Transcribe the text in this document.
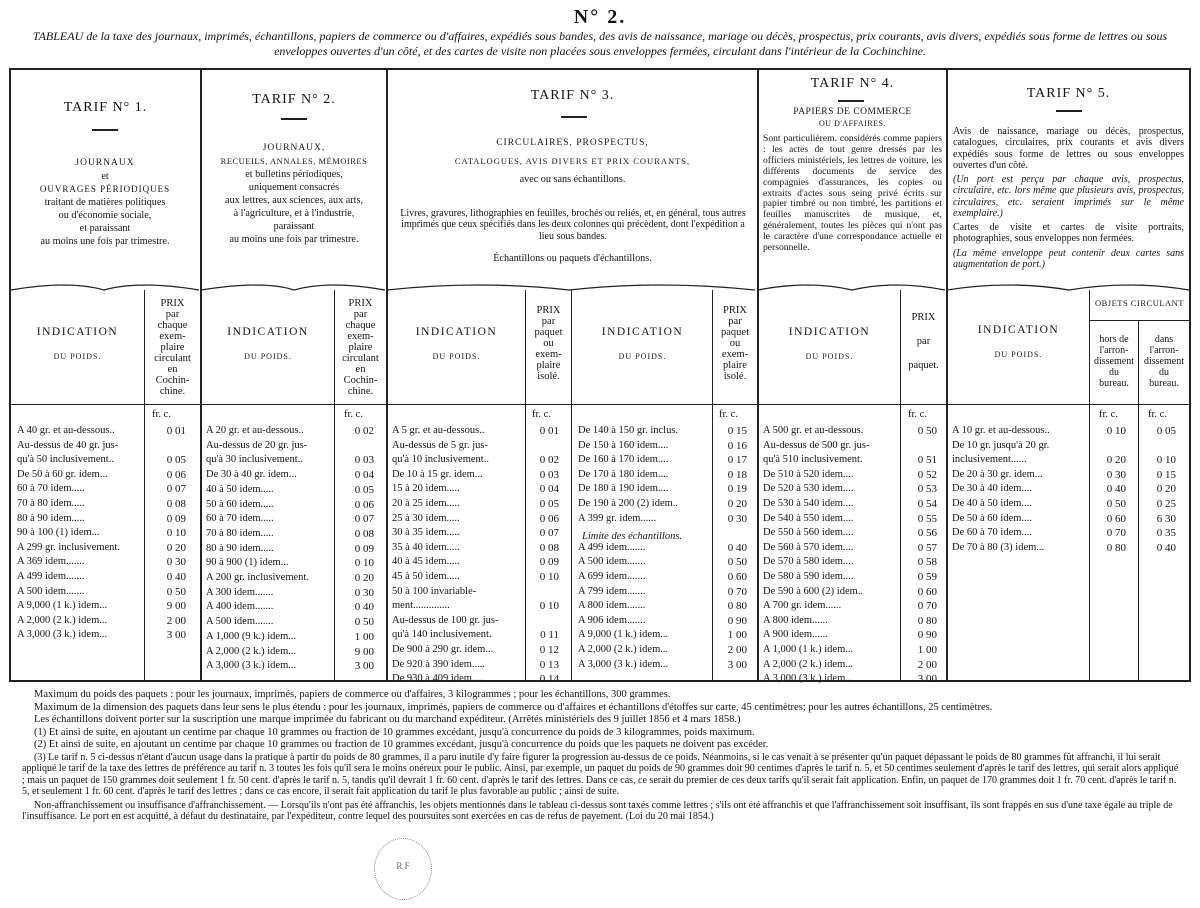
N° 2.
TABLEAU de la taxe des journaux, imprimés, échantillons, papiers de commerce ou d'affaires, expédiés sous bandes, des avis de naissance, mariage ou décès, prospectus, prix courants, avis divers, expédiés sous forme de lettres ou sous enveloppes ouvertes d'un côté, et des cartes de visite non placées sous enveloppes fermées, circulant dans l'intérieur de la Cochinchine.
TARIF N° 1.
JOURNAUX
et
OUVRAGES PÉRIODIQUES
traitant de matières politiques
ou d'économie sociale,
et paraissant
au moins une fois par trimestre.
TARIF N° 2.
JOURNAUX,
RECUEILS, ANNALES, MÉMOIRES
et bulletins périodiques,
uniquement consacrés
aux lettres, aux sciences, aux arts,
à l'agriculture, et à l'industrie,
paraissant
au moins une fois par trimestre.
TARIF N° 3.
CIRCULAIRES, PROSPECTUS,
CATALOGUES, AVIS DIVERS ET PRIX COURANTS,
avec ou sans échantillons.
Livres, gravures, lithographies en feuilles, brochés ou reliés, et, en général, tous autres imprimés que ceux spécifiés dans les deux colonnes qui précèdent, dont l'expédition a lieu sous bandes.
Échantillons ou paquets d'échantillons.
TARIF N° 4.
PAPIERS DE COMMERCE
OU D'AFFAIRES.
Sont particulièrem. considérés comme papiers : les actes de tout genre dressés par les officiers ministériels, les lettres de voiture, les différents documents de service des compagnies d'assurances, les copies ou extraits d'actes sous seing privé écrits sur papier timbré ou non timbré, les partitions et feuilles manuscrites de musique, et, généralement, toutes les pièces qui n'ont pas le caractère d'une correspondance actuelle et personnelle.
TARIF N° 5.
Avis de naissance, mariage ou décès, prospectus, catalogues, circulaires, prix courants et avis divers expédiés sous forme de lettres ou sous enveloppes ouvertes d'un côté.
(Un port est perçu par chaque avis, prospectus, circulaire, etc. lors même que plusieurs avis, prospectus, circulaires, etc. seraient imprimés sur le même exemplaire.)
Cartes de visite et cartes de visite portraits, photographies, sous enveloppes non fermées.
(La même enveloppe peut contenir deux cartes sans augmentation de port.)
INDICATION
DU POIDS.
PRIX
par
chaque
exem-
plaire
circulant
en
Cochin-
chine.
INDICATION
DU POIDS.
PRIX
par
chaque
exem-
plaire
circulant
en
Cochin-
chine.
INDICATION
DU POIDS.
PRIX
par
paquet
ou
exem-
plaire
isolé.
INDICATION
DU POIDS.
PRIX
par
paquet
ou
exem-
plaire
isolé.
INDICATION
DU POIDS.
PRIX

par

paquet.
INDICATION
DU POIDS.
OBJETS CIRCULANT
hors de
l'arron-
dissement
du
bureau.
dans
l'arron-
dissement
du
bureau.
fr. c.	fr. c.	fr. c.	fr. c.	fr. c.	fr. c.	fr. c.
Limite des échantillons.
A 40 gr. et au-dessous..	0 01
Au-dessus de 40 gr. jus-
qu'à 50 inclusivement..	0 05
De 50 à 60 gr. idem...	0 06
60 à 70 idem.....	0 07
70 à 80 idem.....	0 08
80 à 90 idem.....	0 09
90 à 100 (1) idem...	0 10
A 299 gr. inclusivement.	0 20
A 369 idem.......	0 30
A 499 idem.......	0 40
A 500 idem.......	0 50
A 9,000 (1 k.) idem...	9 00
A 2,000 (2 k.) idem...	2 00
A 3,000 (3 k.) idem...	3 00
A 20 gr. et au-dessous..	0 02
Au-dessus de 20 gr. jus-
qu'à 30 inclusivement..	0 03
De 30 à 40 gr. idem...	0 04
40 à 50 idem.....	0 05
50 à 60 idem.....	0 06
60 à 70 idem.....	0 07
70 à 80 idem.....	0 08
80 à 90 idem.....	0 09
90 à 900 (1) idem...	0 10
A 200 gr. inclusivement.	0 20
A 300 idem.......	0 30
A 400 idem.......	0 40
A 500 idem.......	0 50
A 1,000 (9 k.) idem...	1 00
A 2,000 (2 k.) idem...	9 00
A 3,000 (3 k.) idem...	3 00
A 5 gr. et au-dessous..	0 01
Au-dessus de 5 gr. jus-
qu'à 10 inclusivement..	0 02
De 10 à 15 gr. idem...	0 03
15 à 20 idem.....	0 04
20 à 25 idem.....	0 05
25 à 30 idem.....	0 06
30 à 35 idem.....	0 07
35 à 40 idem.....	0 08
40 à 45 idem.....	0 09
45 à 50 idem.....	0 10
50 à 100 invariable-
ment..............	0 10
Au-dessus de 100 gr. jus-
qu'à 140 inclusivement.	0 11
De 900 à 290 gr. idem...	0 12
De 920 à 390 idem.....	0 13
De 930 à 409 idem.....	0 14
De 140 à 150 gr. inclus.	0 15
De 150 à 160 idem....	0 16
De 160 à 170 idem....	0 17
De 170 à 180 idem....	0 18
De 180 à 190 idem....	0 19
De 190 à 200 (2) idem..	0 20
A 399 gr. idem......	0 30
A 499 idem.......	0 40
A 500 idem.......	0 50
A 699 idem.......	0 60
A 799 idem.......	0 70
A 800 idem.......	0 80
A 906 idem.......	0 90
A 9,000 (1 k.) idem...	1 00
A 2,000 (2 k.) idem...	2 00
A 3,000 (3 k.) idem...	3 00
A 500 gr. et au-dessous.	0 50
Au-dessus de 500 gr. jus-
qu'à 510 inclusivement.	0 51
De 510 à 520 idem....	0 52
De 520 à 530 idem....	0 53
De 530 à 540 idem....	0 54
De 540 à 550 idem....	0 55
De 550 à 560 idem....	0 56
De 560 à 570 idem....	0 57
De 570 à 580 idem....	0 58
De 580 à 590 idem....	0 59
De 590 à 600 (2) idem..	0 60
A 700 gr. idem......	0 70
A 800 idem......	0 80
A 900 idem......	0 90
A 1,000 (1 k.) idem...	1 00
A 2,000 (2 k.) idem...	2 00
A 3,000 (3 k.) idem...	3 00
A 10 gr. et au-dessous..	0 10	0 05
De 10 gr. jusqu'à 20 gr.
inclusivement......	0 20	0 10
De 20 à 30 gr. idem...	0 30	0 15
De 30 à 40 idem....	0 40	0 20
De 40 à 50 idem....	0 50	0 25
De 50 à 60 idem....	0 60	6 30
De 60 à 70 idem....	0 70	0 35
De 70 à 80 (3) idem...	0 80	0 40

Maximum du poids des paquets : pour les journaux, imprimés, papiers de commerce ou d'affaires, 3 kilogrammes ; pour les échantillons, 300 grammes.

Maximum de la dimension des paquets dans leur sens le plus étendu : pour les journaux, imprimés, papiers de commerce ou d'affaires et échantillons d'étoffes sur carte, 45 centimètres; pour les autres échantillons, 25 centimètres.

Les échantillons doivent porter sur la suscription une marque imprimée du fabricant ou du marchand expéditeur. (Arrêtés ministériels des 9 juillet 1856 et 4 mars 1858.)

(1) Et ainsi de suite, en ajoutant un centime par chaque 10 grammes ou fraction de 10 grammes excédant, jusqu'à concurrence du poids de 3 kilogrammes, poids maximum.

(2) Et ainsi de suite, en ajoutant un centime par chaque 10 grammes ou fraction de 10 grammes excédant, jusqu'à concurrence du poids que les paquets ne doivent pas excéder.

(3) Le tarif n. 5 ci-dessus n'étant d'aucun usage dans la pratique à partir du poids de 80 grammes, il a paru inutile d'y faire figurer la progression au-dessus de ce poids. Néanmoins, si le cas venait à se présenter qu'un paquet dépassant le poids de 80 grammes fût affranchi, il lui serait appliqué le tarif de la taxe des lettres de préférence au tarif n. 3 toutes les fois qu'il sera le moins onéreux pour le public. Ainsi, par exemple, un paquet du poids de 90 grammes doit 90 centimes d'après le tarif n. 5, et 50 centimes seulement d'après le tarif des lettres, qui serait alors appliqué ; mais un paquet de 150 grammes doit seulement 1 fr. 50 cent. d'après le tarif n. 5, tandis qu'il devrait 1 fr. 60 cent. d'après le tarif des lettres. Dans ce cas, ce serait du premier de ces deux tarifs qu'il serait fait application. Enfin, un paquet de 170 grammes doit 1 fr. 70 cent. d'après le tarif n. 5, et seulement 1 fr. 60 cent. d'après le tarif des lettres ; dans ce cas encore, il serait fait application du tarif le plus favorable au public ; ainsi de suite.

Non-affranchissement ou insuffisance d'affranchissement. — Lorsqu'ils n'ont pas été affranchis, les objets mentionnés dans le tableau ci-dessus sont taxés comme lettres ; s'ils ont été affranchis et que l'affranchissement soit insuffisant, ils sont frappés en sus d'une taxe égale au triple de l'insuffisance. Le port en est acquitté, à défaut du destinataire, par l'expéditeur, contre lequel des poursuites sont exercées en cas de refus de payement. (Loi du 20 mai 1854.)

R F
